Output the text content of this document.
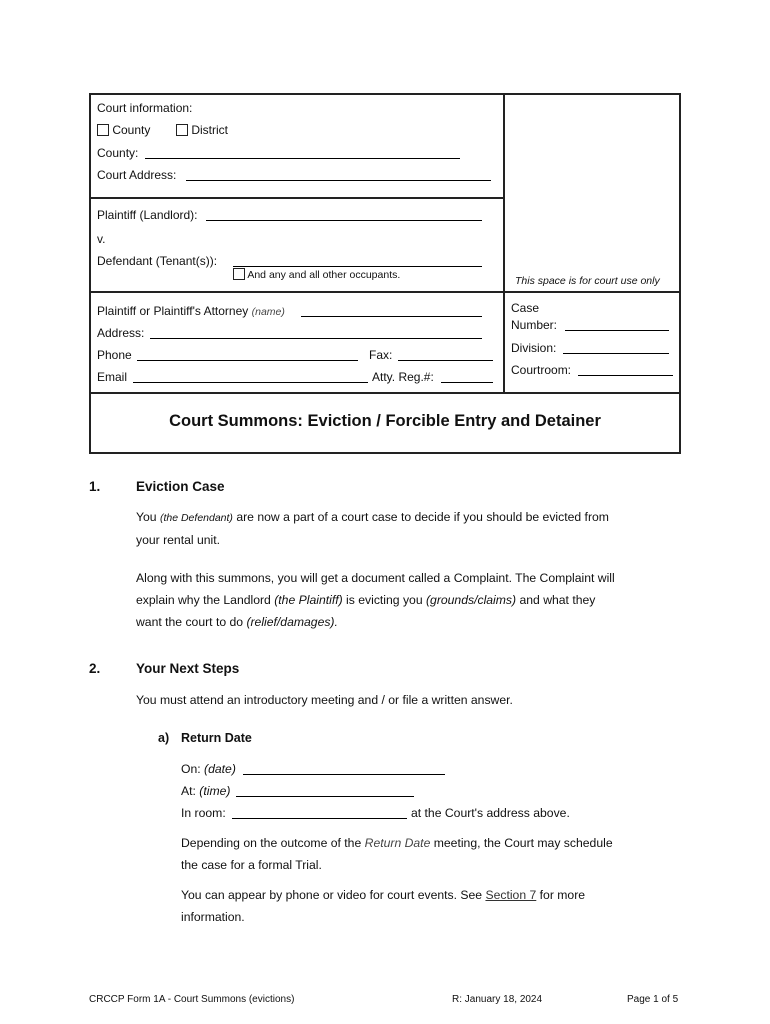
Court information:
County	District
County:
Court Address:
Plaintiff (Landlord):
v.
Defendant (Tenant(s)):
And any and all other occupants.	This space is for court use only
Plaintiff or Plaintiff's Attorney (name)
Address:
Phone	Fax:
Email	Atty. Reg.#:
Case
Number:
Division:
Courtroom:
Court Summons: Eviction / Forcible Entry and Detainer
1.	Eviction Case
You (the Defendant) are now a part of a court case to decide if you should be evicted from
your rental unit.
Along with this summons, you will get a document called a Complaint. The Complaint will
explain why the Landlord (the Plaintiff) is evicting you (grounds/claims) and what they
want the court to do (relief/damages).
2.	Your Next Steps
You must attend an introductory meeting and / or file a written answer.
a) Return Date
On: (date)
At: (time)
In room:	at the Court's address above.
Depending on the outcome of the Return Date meeting, the Court may schedule
the case for a formal Trial.
You can appear by phone or video for court events. See Section 7 for more
information.
CRCCP Form 1A - Court Summons (evictions)	R: January 18, 2024	Page 1 of 5
